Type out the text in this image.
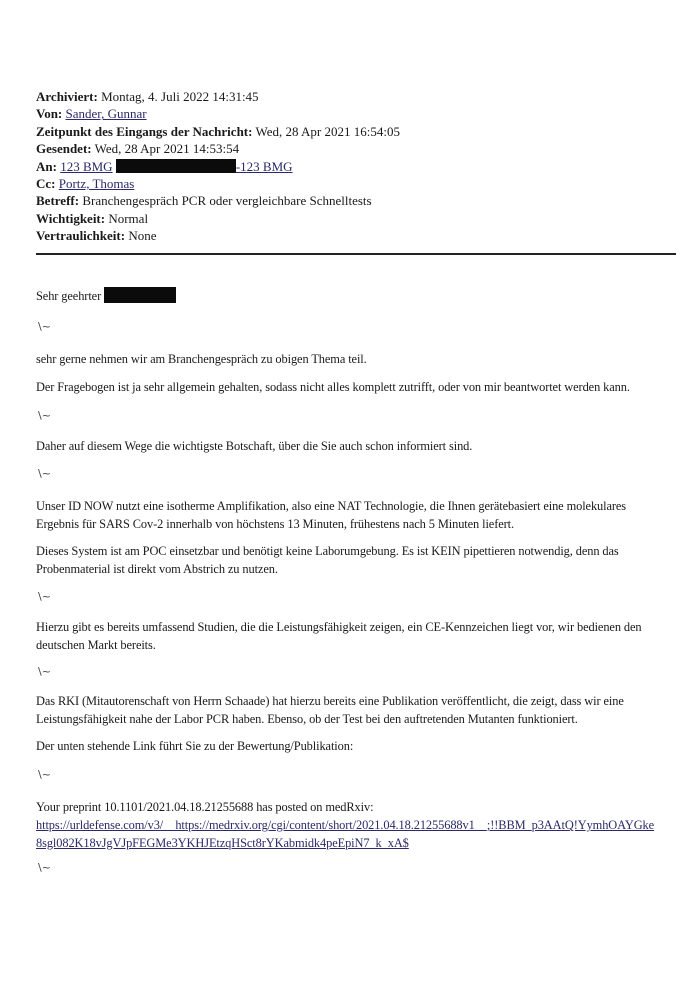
Archiviert: Montag, 4. Juli 2022 14:31:45
Von: Sander, Gunnar
Zeitpunkt des Eingangs der Nachricht: Wed, 28 Apr 2021 16:54:05
Gesendet: Wed, 28 Apr 2021 14:53:54
An: 123 BMG	-123 BMG
Cc: Portz, Thomas
Betreff: Branchengespräch PCR oder vergleichbare Schnelltests
Wichtigkeit: Normal
Vertraulichkeit: None
Sehr geehrter
\~
sehr gerne nehmen wir am Branchengespräch zu obigen Thema teil.
Der Fragebogen ist ja sehr allgemein gehalten, sodass nicht alles komplett zutrifft, oder von mir beantwortet werden kann.
\~
Daher auf diesem Wege die wichtigste Botschaft, über die Sie auch schon informiert sind.
\~
Unser ID NOW nutzt eine isotherme Amplifikation, also eine NAT Technologie, die Ihnen gerätebasiert eine molekulares
Ergebnis für SARS Cov-2 innerhalb von höchstens 13 Minuten, frühestens nach 5 Minuten liefert.
Dieses System ist am POC einsetzbar und benötigt keine Laborumgebung. Es ist KEIN pipettieren notwendig, denn das
Probenmaterial ist direkt vom Abstrich zu nutzen.
\~
Hierzu gibt es bereits umfassend Studien, die die Leistungsfähigkeit zeigen, ein CE-Kennzeichen liegt vor, wir bedienen den
deutschen Markt bereits.
\~
Das RKI (Mitautorenschaft von Herrn Schaade) hat hierzu bereits eine Publikation veröffentlicht, die zeigt, dass wir eine
Leistungsfähigkeit nahe der Labor PCR haben. Ebenso, ob der Test bei den auftretenden Mutanten funktioniert.
Der unten stehende Link führt Sie zu der Bewertung/Publikation:
\~
Your preprint 10.1101/2021.04.18.21255688 has posted on medRxiv:
https://urldefense.com/v3/__https://medrxiv.org/cgi/content/short/2021.04.18.21255688v1__;!!BBM_p3AAtQ!YymhOAYGke
8sgl082K18vJgVJpFEGMe3YKHJEtzqHSct8rYKabmidk4peEpiN7_k_xA$
\~
